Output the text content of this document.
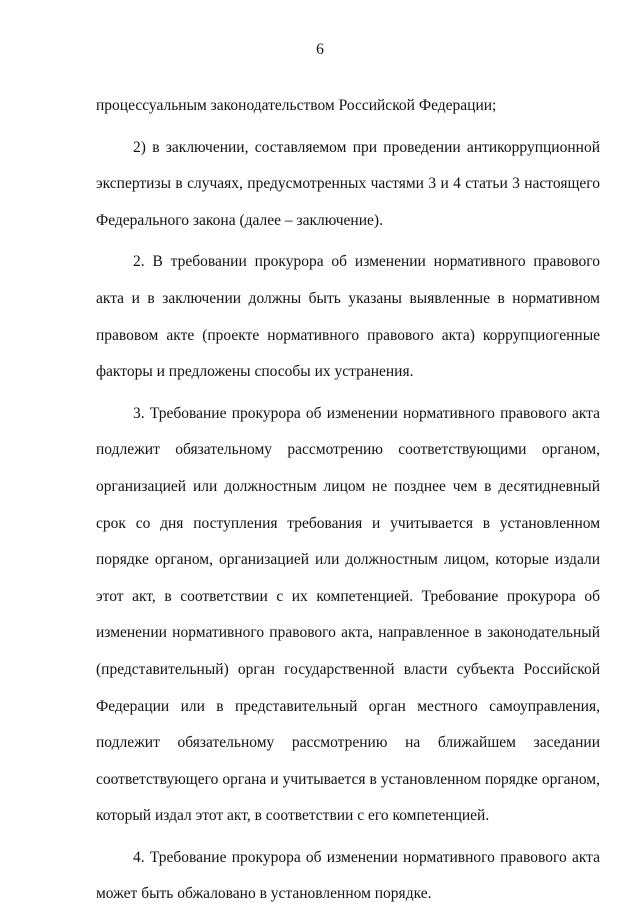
6

процессуальным законодательством Российской Федерации;

2) в заключении, составляемом при проведении антикоррупционной экспертизы в случаях, предусмотренных частями 3 и 4 статьи 3 настоящего Федерального закона (далее – заключение).

2. В требовании прокурора об изменении нормативного правового акта и в заключении должны быть указаны выявленные в нормативном правовом акте (проекте нормативного правового акта) коррупциогенные факторы и предложены способы их устранения.

3. Требование прокурора об изменении нормативного правового акта подлежит обязательному рассмотрению соответствующими органом, организацией или должностным лицом не позднее чем в десятидневный срок со дня поступления требования и учитывается в установленном порядке органом, организацией или должностным лицом, которые издали этот акт, в соответствии с их компетенцией. Требование прокурора об изменении нормативного правового акта, направленное в законодательный (представительный) орган государственной власти субъекта Российской Федерации или в представительный орган местного самоуправления, подлежит обязательному рассмотрению на ближайшем заседании соответствующего органа и учитывается в установленном порядке органом, который издал этот акт, в соответствии с его компетенцией.

4. Требование прокурора об изменении нормативного правового акта может быть обжаловано в установленном порядке.
